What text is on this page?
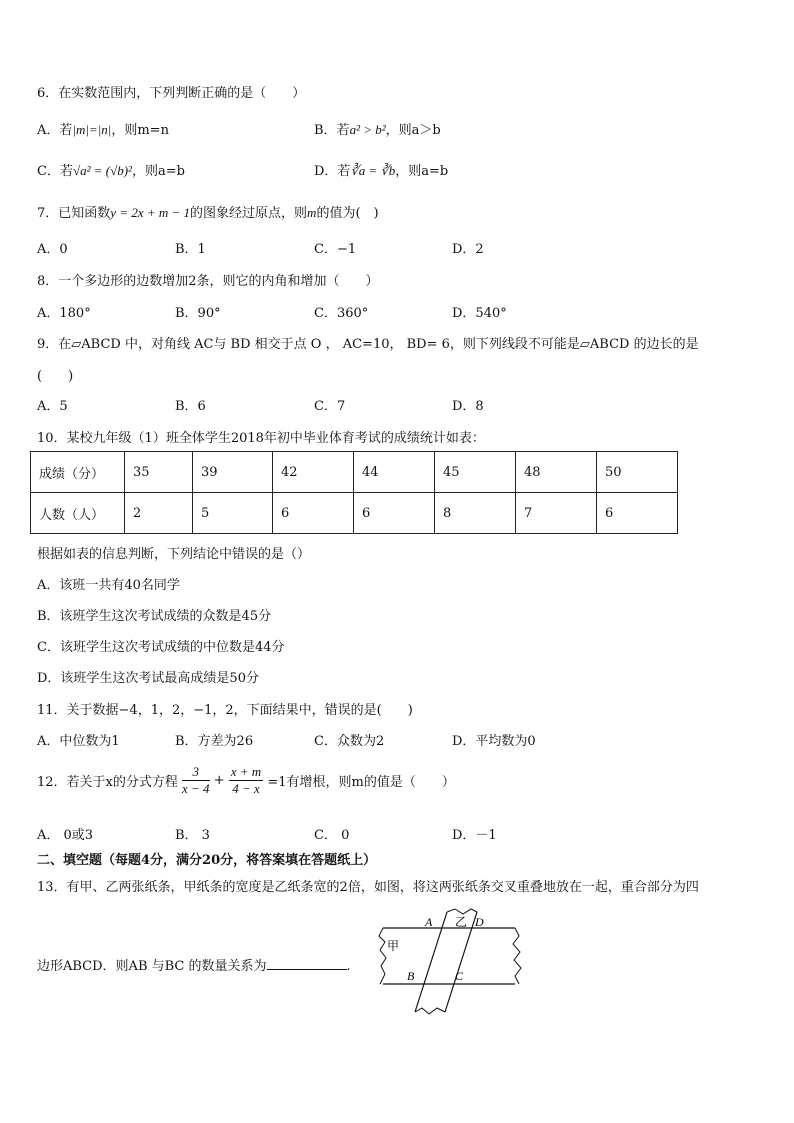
6．在实数范围内，下列判断正确的是（　　）
A．若|m|=|n|，则m=n	B．若a² > b²，则a＞b
C．若√a² = (√b)²，则a=b	D．若∛a = ∛b，则a=b
7．已知函数y = 2x + m − 1的图象经过原点，则m的值为(　)
A．0	B．1	C．−1	D．2
8．一个多边形的边数增加2条，则它的内角和增加（　　）
A．180°	B．90°	C．360°	D．540°
9．在▱ABCD 中，对角线 AC与 BD 相交于点 O ， AC=10， BD= 6，则下列线段不可能是▱ABCD 的边长的是
(　　)
A．5	B．6	C．7	D．8
10．某校九年级（1）班全体学生2018年初中毕业体育考试的成绩统计如表：
成绩（分）	35	39	42	44	45	48	50
人数（人）	2	5	6	6	8	7	6
根据如表的信息判断，下列结论中错误的是（）
A．该班一共有40名同学
B．该班学生这次考试成绩的众数是45分
C．该班学生这次考试成绩的中位数是44分
D．该班学生这次考试最高成绩是50分
11．关于数据−4，1，2，−1，2，下面结果中，错误的是(　　)
A．中位数为1	B．方差为26	C．众数为2	D．平均数为0
12．若关于x的分式方程 $\frac{3}{x - 4} + \frac{x + m}{4 - x} =1$有增根，则m的值是（　　）
A． 0或3	B． 3	C． 0	D．－1
二、填空题（每题4分，满分20分，将答案填在答题纸上）
13．有甲、乙两张纸条，甲纸条的宽度是乙纸条宽的2倍，如图，将这两张纸条交叉重叠地放在一起，重合部分为四
边形ABCD．则AB 与BC 的数量关系为	.
甲
乙
A	D
B	C
